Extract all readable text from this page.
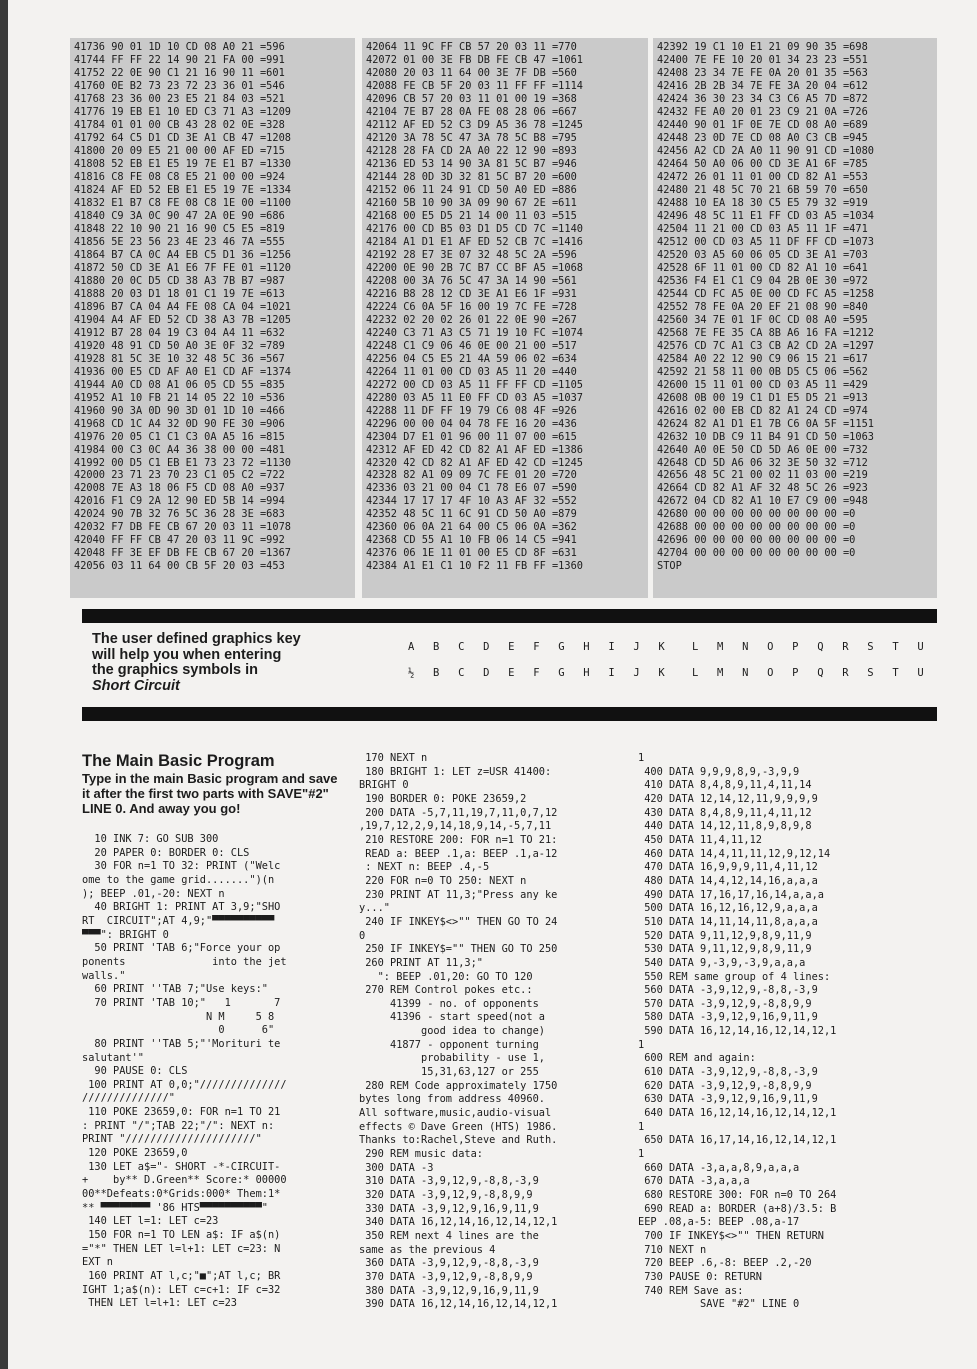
41736 90 01 1D 10 CD 08 A0 21 =596
41744 FF FF 22 14 90 21 FA 00 =991
41752 22 0E 90 C1 21 16 90 11 =601
41760 0E B2 73 23 72 23 36 01 =546
41768 23 36 00 23 E5 21 84 03 =521
41776 19 EB E1 10 ED C3 71 A3 =1209
41784 01 01 00 CB 43 28 02 0E =328
41792 64 C5 D1 CD 3E A1 CB 47 =1208
41800 20 09 E5 21 00 00 AF ED =715
41808 52 EB E1 E5 19 7E E1 B7 =1330
41816 C8 FE 08 C8 E5 21 00 00 =924
41824 AF ED 52 EB E1 E5 19 7E =1334
41832 E1 B7 C8 FE 08 C8 1E 00 =1100
41840 C9 3A 0C 90 47 2A 0E 90 =686
41848 22 10 90 21 16 90 C5 E5 =819
41856 5E 23 56 23 4E 23 46 7A =555
41864 B7 CA 0C A4 EB C5 D1 36 =1256
41872 50 CD 3E A1 E6 7F FE 01 =1120
41880 20 0C D5 CD 38 A3 7B B7 =987
41888 20 03 D1 18 01 C1 19 7E =613
41896 B7 CA 04 A4 FE 08 CA 04 =1021
41904 A4 AF ED 52 CD 38 A3 7B =1205
41912 B7 28 04 19 C3 04 A4 11 =632
41920 48 91 CD 50 A0 3E 0F 32 =789
41928 81 5C 3E 10 32 48 5C 36 =567
41936 00 E5 CD AF A0 E1 CD AF =1374
41944 A0 CD 08 A1 06 05 CD 55 =835
41952 A1 10 FB 21 14 05 22 10 =536
41960 90 3A 0D 90 3D 01 1D 10 =466
41968 CD 1C A4 32 0D 90 FE 30 =906
41976 20 05 C1 C1 C3 0A A5 16 =815
41984 00 C3 0C A4 36 38 00 00 =481
41992 00 D5 C1 EB E1 73 23 72 =1130
42000 23 71 23 70 23 C1 05 C2 =722
42008 7E A3 18 06 F5 CD 08 A0 =937
42016 F1 C9 2A 12 90 ED 5B 14 =994
42024 90 7B 32 76 5C 36 28 3E =683
42032 F7 DB FE CB 67 20 03 11 =1078
42040 FF FF CB 47 20 03 11 9C =992
42048 FF 3E EF DB FE CB 67 20 =1367
42056 03 11 64 00 CB 5F 20 03 =453
42064 11 9C FF CB 57 20 03 11 =770
42072 01 00 3E FB DB FE CB 47 =1061
42080 20 03 11 64 00 3E 7F DB =560
42088 FE CB 5F 20 03 11 FF FF =1114
42096 CB 57 20 03 11 01 00 19 =368
42104 7E B7 28 0A FE 08 28 06 =667
42112 AF ED 52 C3 D9 A5 36 78 =1245
42120 3A 78 5C 47 3A 78 5C B8 =795
42128 28 FA CD 2A A0 22 12 90 =893
42136 ED 53 14 90 3A 81 5C B7 =946
42144 28 0D 3D 32 81 5C B7 20 =600
42152 06 11 24 91 CD 50 A0 ED =886
42160 5B 10 90 3A 09 90 67 2E =611
42168 00 E5 D5 21 14 00 11 03 =515
42176 00 CD B5 03 D1 D5 CD 7C =1140
42184 A1 D1 E1 AF ED 52 CB 7C =1416
42192 28 E7 3E 07 32 48 5C 2A =596
42200 0E 90 2B 7C B7 CC BF A5 =1068
42208 00 3A 76 5C 47 3A 14 90 =561
42216 B8 28 12 CD 3E A1 E6 1F =931
42224 C6 0A 5F 16 00 19 7C FE =728
42232 02 20 02 26 01 22 0E 90 =267
42240 C3 71 A3 C5 71 19 10 FC =1074
42248 C1 C9 06 46 0E 00 21 00 =517
42256 04 C5 E5 21 4A 59 06 02 =634
42264 11 01 00 CD 03 A5 11 20 =440
42272 00 CD 03 A5 11 FF FF CD =1105
42280 03 A5 11 E0 FF CD 03 A5 =1037
42288 11 DF FF 19 79 C6 08 4F =926
42296 00 00 04 04 78 FE 16 20 =436
42304 D7 E1 01 96 00 11 07 00 =615
42312 AF ED 42 CD 82 A1 AF ED =1386
42320 42 CD 82 A1 AF ED 42 CD =1245
42328 82 A1 09 09 7C FE 01 20 =720
42336 03 21 00 04 C1 78 E6 07 =590
42344 17 17 17 4F 10 A3 AF 32 =552
42352 48 5C 11 6C 91 CD 50 A0 =879
42360 06 0A 21 64 00 C5 06 0A =362
42368 CD 55 A1 10 FB 06 14 C5 =941
42376 06 1E 11 01 00 E5 CD 8F =631
42384 A1 E1 C1 10 F2 11 FB FF =1360
42392 19 C1 10 E1 21 09 90 35 =698
42400 7E FE 10 20 01 34 23 23 =551
42408 23 34 7E FE 0A 20 01 35 =563
42416 2B 2B 34 7E FE 3A 20 04 =612
42424 36 30 23 34 C3 C6 A5 7D =872
42432 FE A0 20 01 23 C9 21 0A =726
42440 90 01 1F 0E 7E CD 08 A0 =689
42448 23 0D 7E CD 08 A0 C3 CB =945
42456 A2 CD 2A A0 11 90 91 CD =1080
42464 50 A0 06 00 CD 3E A1 6F =785
42472 26 01 11 01 00 CD 82 A1 =553
42480 21 48 5C 70 21 6B 59 70 =650
42488 10 EA 18 30 C5 E5 79 32 =919
42496 48 5C 11 E1 FF CD 03 A5 =1034
42504 11 21 00 CD 03 A5 11 1F =471
42512 00 CD 03 A5 11 DF FF CD =1073
42520 03 A5 60 06 05 CD 3E A1 =703
42528 6F 11 01 00 CD 82 A1 10 =641
42536 F4 E1 C1 C9 04 2B 0E 30 =972
42544 CD FC A5 0E 00 CD FC A5 =1258
42552 78 FE 0A 20 EF 21 08 90 =840
42560 34 7E 01 1F 0C CD 08 A0 =595
42568 7E FE 35 CA 8B A6 16 FA =1212
42576 CD 7C A1 C3 CB A2 CD 2A =1297
42584 A0 22 12 90 C9 06 15 21 =617
42592 21 58 11 00 0B D5 C5 06 =562
42600 15 11 01 00 CD 03 A5 11 =429
42608 0B 00 19 C1 D1 E5 D5 21 =913
42616 02 00 EB CD 82 A1 24 CD =974
42624 82 A1 D1 E1 7B C6 0A 5F =1151
42632 10 DB C9 11 B4 91 CD 50 =1063
42640 A0 0E 50 CD 5D A6 0E 00 =732
42648 CD 5D A6 06 32 3E 50 32 =712
42656 48 5C 21 00 02 11 03 00 =219
42664 CD 82 A1 AF 32 48 5C 26 =923
42672 04 CD 82 A1 10 E7 C9 00 =948
42680 00 00 00 00 00 00 00 00 =0
42688 00 00 00 00 00 00 00 00 =0
42696 00 00 00 00 00 00 00 00 =0
42704 00 00 00 00 00 00 00 00 =0
STOP
The user defined graphics key
will help you when entering
the graphics symbols in
Short Circuit
A B C D E F G H I J K L M N O P Q R S T U
½ B C D E F G H I J K L M N O P Q R S T U
The Main Basic Program
Type in the main Basic program and save it after the first two parts with SAVE"#2" LINE 0. And away you go!
10 INK 7: GO SUB 300
20 PAPER 0: BORDER 0: CLS
30 FOR n=1 TO 32: PRINT ("Welc
ome to the game grid.......")(n
); BEEP .01,-20: NEXT n
40 BRIGHT 1: PRINT AT 3,9;"SHO
RT  CIRCUIT";AT 4,9;"▀▀▀▀▀▀▀▀▀▀
▀▀▀": BRIGHT 0
50 PRINT 'TAB 6;"Force your op
ponents              into the jet
walls."
60 PRINT ''TAB 7;"Use keys:"
70 PRINT 'TAB 10;"   1       7
N M     5 8
0      6"
80 PRINT ''TAB 5;"'Morituri te
salutant'"
90 PAUSE 0: CLS
100 PRINT AT 0,0;"//////////////
//////////////"
110 POKE 23659,0: FOR n=1 TO 21
: PRINT "/";TAB 22;"/": NEXT n:
PRINT "/////////////////////"
120 POKE 23659,0
130 LET a$="- SHORT -*-CIRCUIT-
+    by** D.Green** Score:* 00000
00**Defeats:0*Grids:000* Them:1*
** ▀▀▀▀▀▀▀▀ '86 HTS▀▀▀▀▀▀▀▀▀▀"
140 LET l=1: LET c=23
150 FOR n=1 TO LEN a$: IF a$(n)
="*" THEN LET l=l+1: LET c=23: N
EXT n
160 PRINT AT l,c;"■";AT l,c; BR
IGHT 1;a$(n): LET c=c+1: IF c=32
THEN LET l=l+1: LET c=23
170 NEXT n
180 BRIGHT 1: LET z=USR 41400:
BRIGHT 0
190 BORDER 0: POKE 23659,2
200 DATA -5,7,11,19,7,11,0,7,12
,19,7,12,2,9,14,18,9,14,-5,7,11
210 RESTORE 200: FOR n=1 TO 21:
READ a: BEEP .1,a: BEEP .1,a-12
: NEXT n: BEEP .4,-5
220 FOR n=0 TO 250: NEXT n
230 PRINT AT 11,3;"Press any ke
y..."
240 IF INKEY$<>"" THEN GO TO 24
0
250 IF INKEY$="" THEN GO TO 250
260 PRINT AT 11,3;"
": BEEP .01,20: GO TO 120
270 REM Control pokes etc.:
41399 - no. of opponents
41396 - start speed(not a
good idea to change)
41877 - opponent turning
probability - use 1,
15,31,63,127 or 255
280 REM Code approximately 1750
bytes long from address 40960.
All software,music,audio-visual
effects © Dave Green (HTS) 1986.
Thanks to:Rachel,Steve and Ruth.
290 REM music data:
300 DATA -3
310 DATA -3,9,12,9,-8,8,-3,9
320 DATA -3,9,12,9,-8,8,9,9
330 DATA -3,9,12,9,16,9,11,9
340 DATA 16,12,14,16,12,14,12,1
350 REM next 4 lines are the
same as the previous 4
360 DATA -3,9,12,9,-8,8,-3,9
370 DATA -3,9,12,9,-8,8,9,9
380 DATA -3,9,12,9,16,9,11,9
390 DATA 16,12,14,16,12,14,12,1
1
400 DATA 9,9,9,8,9,-3,9,9
410 DATA 8,4,8,9,11,4,11,14
420 DATA 12,14,12,11,9,9,9,9
430 DATA 8,4,8,9,11,4,11,12
440 DATA 14,12,11,8,9,8,9,8
450 DATA 11,4,11,12
460 DATA 14,4,11,11,12,9,12,14
470 DATA 16,9,9,9,11,4,11,12
480 DATA 14,4,12,14,16,a,a,a
490 DATA 17,16,17,16,14,a,a,a
500 DATA 16,12,16,12,9,a,a,a
510 DATA 14,11,14,11,8,a,a,a
520 DATA 9,11,12,9,8,9,11,9
530 DATA 9,11,12,9,8,9,11,9
540 DATA 9,-3,9,-3,9,a,a,a
550 REM same group of 4 lines:
560 DATA -3,9,12,9,-8,8,-3,9
570 DATA -3,9,12,9,-8,8,9,9
580 DATA -3,9,12,9,16,9,11,9
590 DATA 16,12,14,16,12,14,12,1
1
600 REM and again:
610 DATA -3,9,12,9,-8,8,-3,9
620 DATA -3,9,12,9,-8,8,9,9
630 DATA -3,9,12,9,16,9,11,9
640 DATA 16,12,14,16,12,14,12,1
1
650 DATA 16,17,14,16,12,14,12,1
1
660 DATA -3,a,a,8,9,a,a,a
670 DATA -3,a,a,a
680 RESTORE 300: FOR n=0 TO 264
690 READ a: BORDER (a+8)/3.5: B
EEP .08,a-5: BEEP .08,a-17
700 IF INKEY$<>"" THEN RETURN
710 NEXT n
720 BEEP .6,-8: BEEP .2,-20
730 PAUSE 0: RETURN
740 REM Save as:
SAVE "#2" LINE 0
